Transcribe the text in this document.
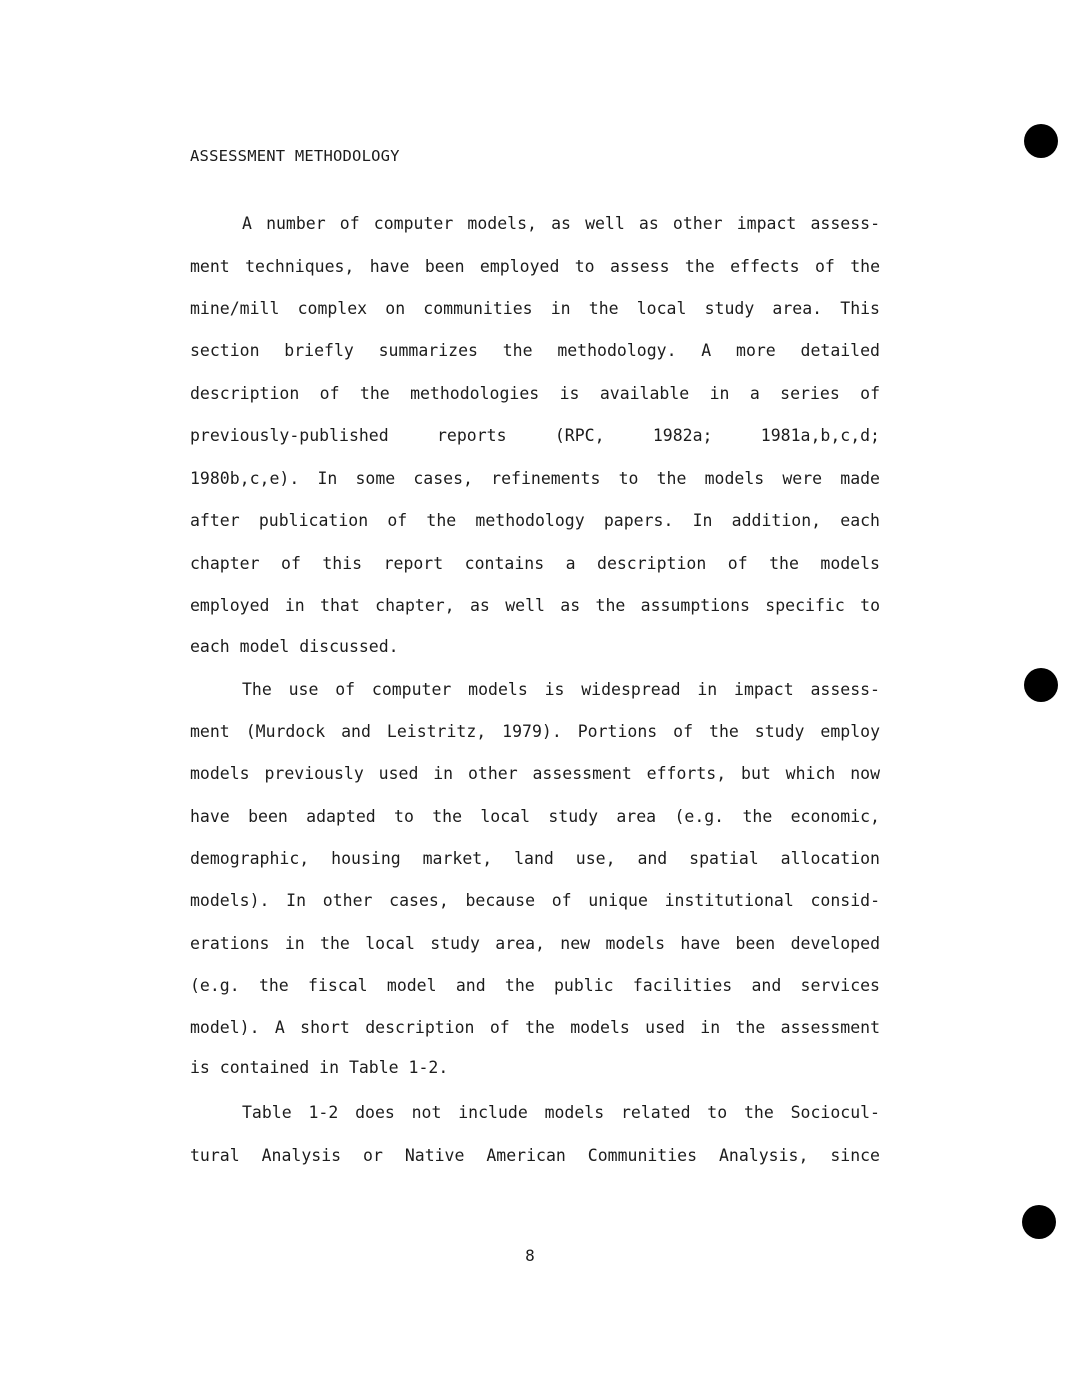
ASSESSMENT METHODOLOGY
A number of computer models, as well as other impact assess-
ment techniques, have been employed to assess the effects of the
mine/mill complex on communities in the local study area. This
section briefly summarizes the methodology. A more detailed
description of the methodologies is available in a series of
previously-published reports (RPC, 1982a; 1981a,b,c,d;
1980b,c,e). In some cases, refinements to the models were made
after publication of the methodology papers. In addition, each
chapter of this report contains a description of the models
employed in that chapter, as well as the assumptions specific to
each model discussed.
The use of computer models is widespread in impact assess-
ment (Murdock and Leistritz, 1979). Portions of the study employ
models previously used in other assessment efforts, but which now
have been adapted to the local study area (e.g. the economic,
demographic, housing market, land use, and spatial allocation
models). In other cases, because of unique institutional consid-
erations in the local study area, new models have been developed
(e.g. the fiscal model and the public facilities and services
model). A short description of the models used in the assessment
is contained in Table 1-2.
Table 1-2 does not include models related to the Sociocul-
tural Analysis or Native American Communities Analysis, since
8
